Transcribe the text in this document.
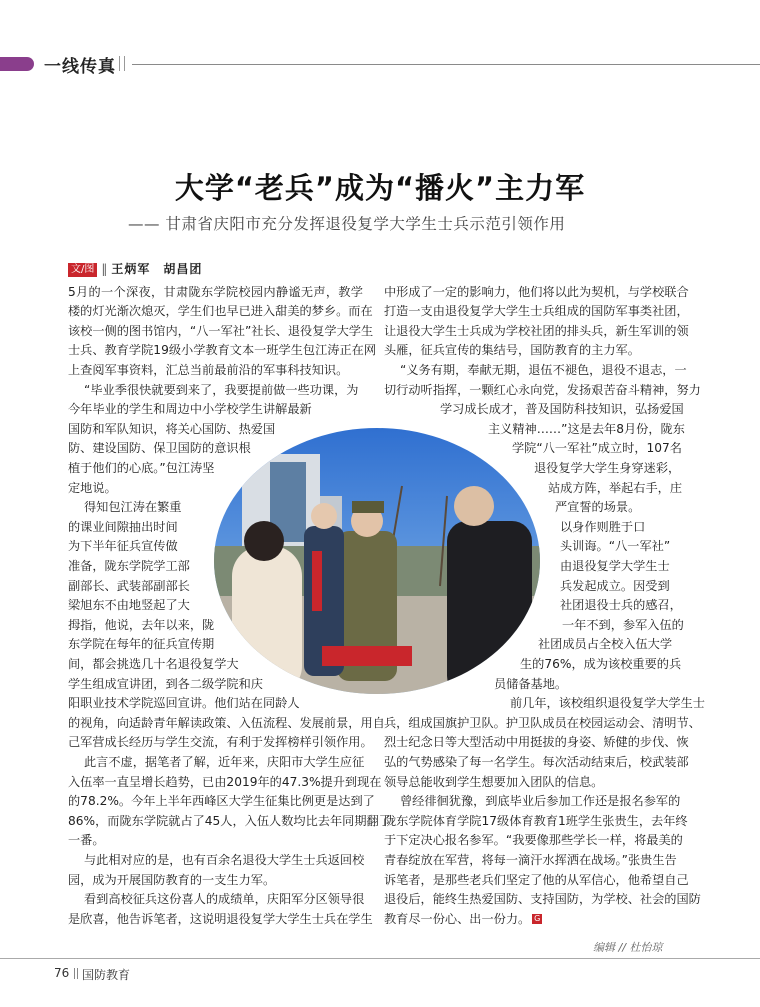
一线传真
大学“老兵”成为“播火”主力军
—— 甘肃省庆阳市充分发挥退役复学大学生士兵示范引领作用
文/图 ‖ 王炳军　胡昌团
5月的一个深夜，甘肃陇东学院校园内静谧无声，教学
楼的灯光渐次熄灭，学生们也早已进入甜美的梦乡。而在
该校一侧的图书馆内，“八一军社”社长、退役复学大学生
士兵、教育学院19级小学教育文本一班学生包江涛正在网
上查阅军事资料，汇总当前最前沿的军事科技知识。
“毕业季很快就要到来了，我要提前做一些功课，为
今年毕业的学生和周边中小学校学生讲解最新
国防和军队知识，将关心国防、热爱国
防、建设国防、保卫国防的意识根
植于他们的心底。”包江涛坚
定地说。
得知包江涛在繁重
的课业间隙抽出时间
为下半年征兵宣传做
准备，陇东学院学工部
副部长、武装部副部长
梁旭东不由地竖起了大
拇指，他说，去年以来，陇
东学院在每年的征兵宣传期
间，都会挑选几十名退役复学大
学生组成宣讲团，到各二级学院和庆
阳职业技术学院巡回宣讲。他们站在同龄人
的视角，向适龄青年解读政策、入伍流程、发展前景，用自
己军营成长经历与学生交流，有利于发挥榜样引领作用。
此言不虚，据笔者了解，近年来，庆阳市大学生应征
入伍率一直呈增长趋势，已由2019年的47.3%提升到现在
的78.2%。今年上半年西峰区大学生征集比例更是达到了
86%，而陇东学院就占了45人，入伍人数均比去年同期翻了
一番。
与此相对应的是，也有百余名退役大学生士兵返回校
园，成为开展国防教育的一支生力军。
看到高校征兵这份喜人的成绩单，庆阳军分区领导很
是欣喜，他告诉笔者，这说明退役复学大学生士兵在学生
中形成了一定的影响力，他们将以此为契机，与学校联合
打造一支由退役复学大学生士兵组成的国防军事类社团，
让退役大学生士兵成为学校社团的排头兵，新生军训的领
头雁，征兵宣传的集结号，国防教育的主力军。
“义务有期，奉献无期，退伍不褪色，退役不退志，一
切行动听指挥，一颗红心永向党，发扬艰苦奋斗精神，努力
学习成长成才，普及国防科技知识，弘扬爱国
主义精神……”这是去年8月份，陇东
学院“八一军社”成立时，107名
退役复学大学生身穿迷彩，
站成方阵，举起右手，庄
严宣誓的场景。
以身作则胜于口
头训诲。“八一军社”
由退役复学大学生士
兵发起成立。因受到
社团退役士兵的感召，
一年不到，参军入伍的
社团成员占全校入伍大学
生的76%，成为该校重要的兵
员储备基地。
前几年，该校组织退役复学大学生士
兵，组成国旗护卫队。护卫队成员在校园运动会、清明节、
烈士纪念日等大型活动中用挺拔的身姿、矫健的步伐、恢
弘的气势感染了每一名学生。每次活动结束后，校武装部
领导总能收到学生想要加入团队的信息。
曾经徘徊犹豫，到底毕业后参加工作还是报名参军的
陇东学院体育学院17级体育教育1班学生张贵生，去年终
于下定决心报名参军。“我要像那些学长一样，将最美的
青春绽放在军营，将每一滴汗水挥洒在战场。”张贵生告
诉笔者，是那些老兵们坚定了他的从军信心，他希望自己
退役后，能终生热爱国防、支持国防，为学校、社会的国防
教育尽一份心、出一份力。 G
编辑 // 杜怡琼
76 国防教育
